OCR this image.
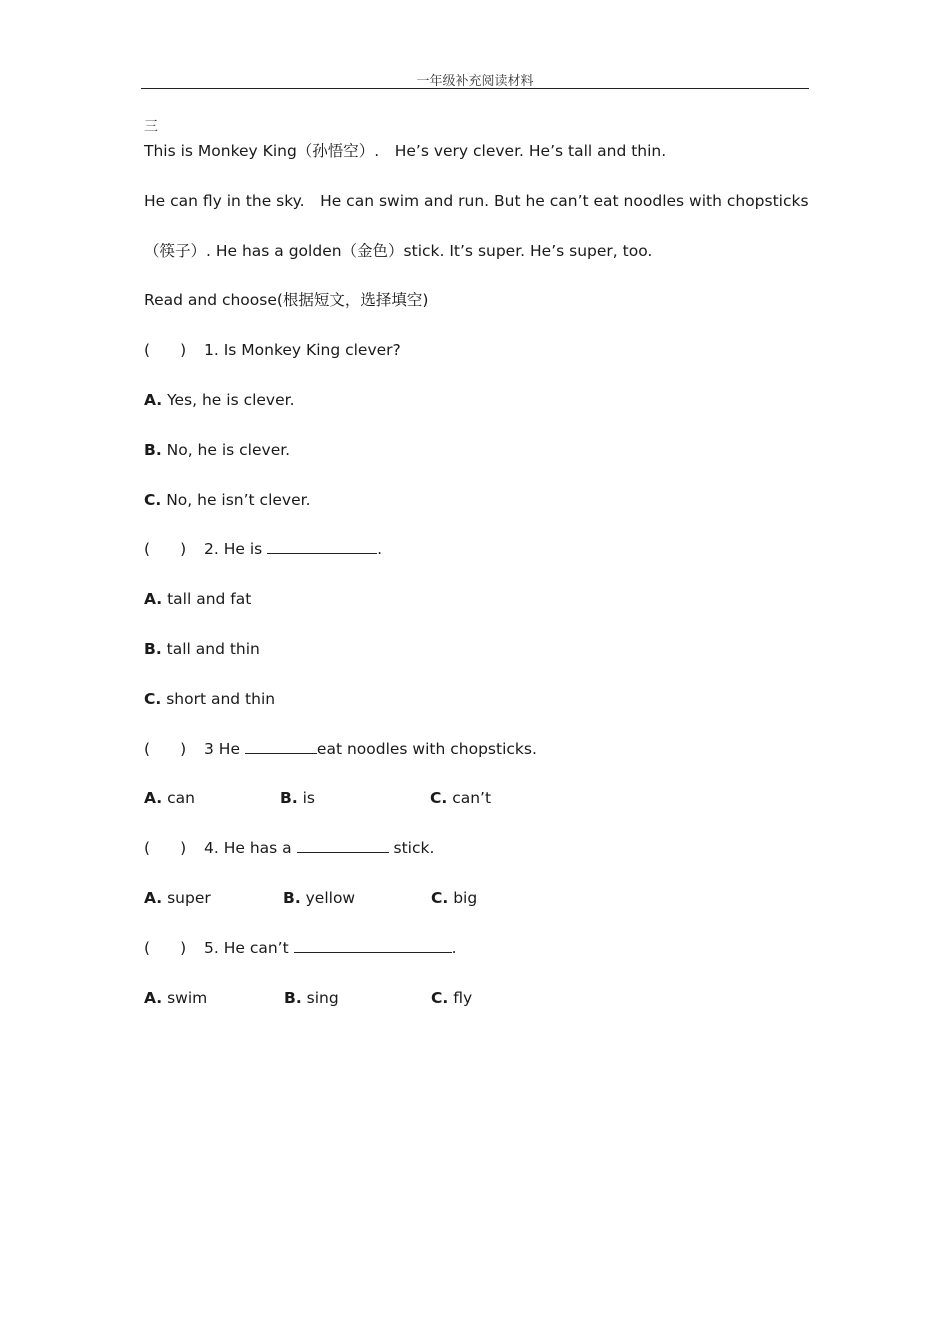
一年级补充阅读材料
三
This is Monkey King（孙悟空）.　He’s very clever. He’s tall and thin.
He can fly in the sky.　He can swim and run. But he can’t eat noodles with chopsticks
（筷子）. He has a golden（金色）stick. It’s super. He’s super, too.
Read and choose(根据短文，选择填空)
( ) 1. Is Monkey King clever?
A. Yes, he is clever.
B. No, he is clever.
C. No, he isn’t clever.
( ) 2. He is	.
A. tall and fat
B. tall and thin
C. short and thin
( ) 3 He	eat noodles with chopsticks.
A. can	B. is	C. can’t
( ) 4. He has a	stick.
A. super	B. yellow	C. big
( ) 5. He can’t	.
A. swim	B. sing	C. fly
